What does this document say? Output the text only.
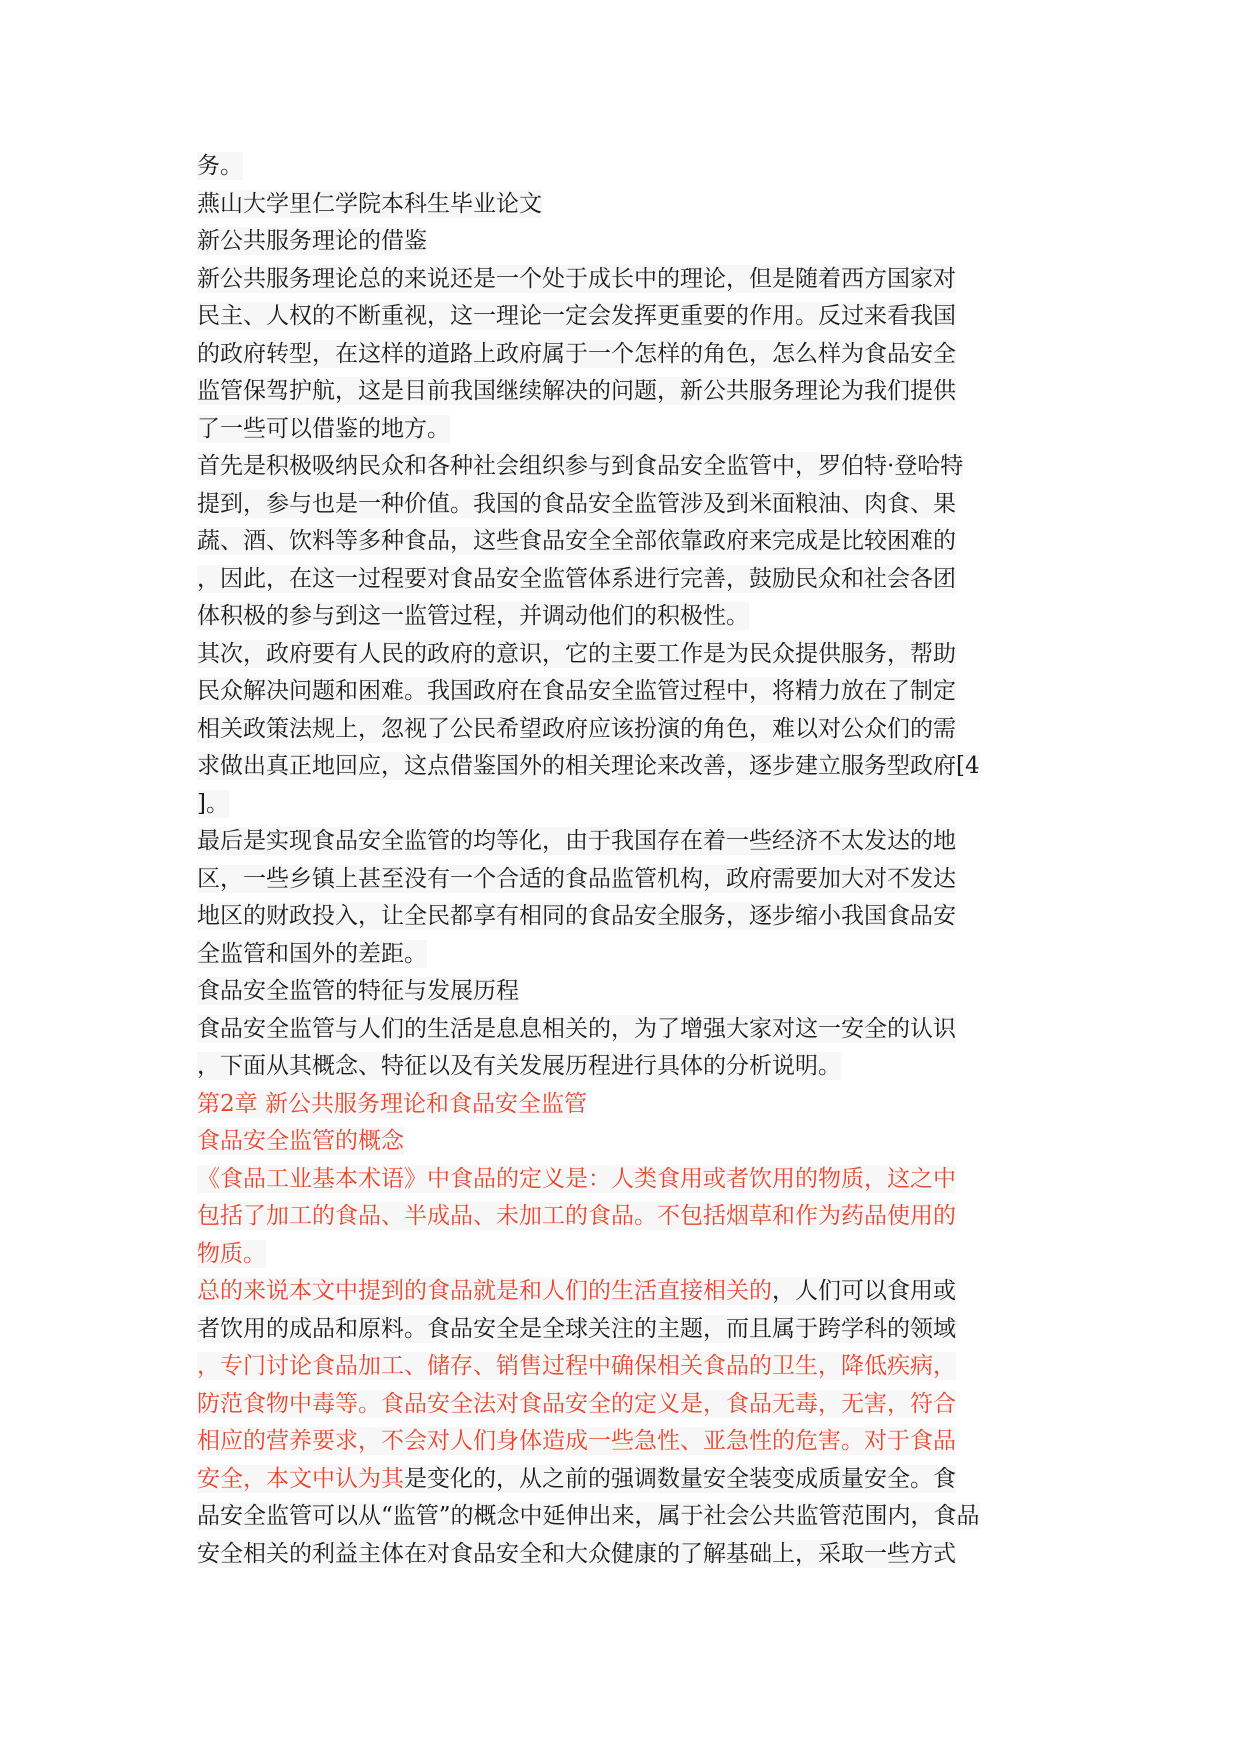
务。
燕山大学里仁学院本科生毕业论文
新公共服务理论的借鉴
新公共服务理论总的来说还是一个处于成长中的理论，但是随着西方国家对
民主、人权的不断重视，这一理论一定会发挥更重要的作用。反过来看我国
的政府转型，在这样的道路上政府属于一个怎样的角色，怎么样为食品安全
监管保驾护航，这是目前我国继续解决的问题，新公共服务理论为我们提供
了一些可以借鉴的地方。
首先是积极吸纳民众和各种社会组织参与到食品安全监管中，罗伯特·登哈特
提到，参与也是一种价值。我国的食品安全监管涉及到米面粮油、肉食、果
蔬、酒、饮料等多种食品，这些食品安全全部依靠政府来完成是比较困难的
，因此，在这一过程要对食品安全监管体系进行完善，鼓励民众和社会各团
体积极的参与到这一监管过程，并调动他们的积极性。
其次，政府要有人民的政府的意识，它的主要工作是为民众提供服务，帮助
民众解决问题和困难。我国政府在食品安全监管过程中，将精力放在了制定
相关政策法规上，忽视了公民希望政府应该扮演的角色，难以对公众们的需
求做出真正地回应，这点借鉴国外的相关理论来改善，逐步建立服务型政府[4
]。
最后是实现食品安全监管的均等化，由于我国存在着一些经济不太发达的地
区，一些乡镇上甚至没有一个合适的食品监管机构，政府需要加大对不发达
地区的财政投入，让全民都享有相同的食品安全服务，逐步缩小我国食品安
全监管和国外的差距。
食品安全监管的特征与发展历程
食品安全监管与人们的生活是息息相关的，为了增强大家对这一安全的认识
，下面从其概念、特征以及有关发展历程进行具体的分析说明。
第2章 新公共服务理论和食品安全监管
食品安全监管的概念
《食品工业基本术语》中食品的定义是：人类食用或者饮用的物质，这之中
包括了加工的食品、半成品、未加工的食品。不包括烟草和作为药品使用的
物质。
总的来说本文中提到的食品就是和人们的生活直接相关的，人们可以食用或
者饮用的成品和原料。食品安全是全球关注的主题，而且属于跨学科的领域
，专门讨论食品加工、储存、销售过程中确保相关食品的卫生，降低疾病，
防范食物中毒等。食品安全法对食品安全的定义是，食品无毒，无害，符合
相应的营养要求，不会对人们身体造成一些急性、亚急性的危害。对于食品
安全，本文中认为其是变化的，从之前的强调数量安全装变成质量安全。食
品安全监管可以从“监管”的概念中延伸出来，属于社会公共监管范围内，食品
安全相关的利益主体在对食品安全和大众健康的了解基础上，采取一些方式
